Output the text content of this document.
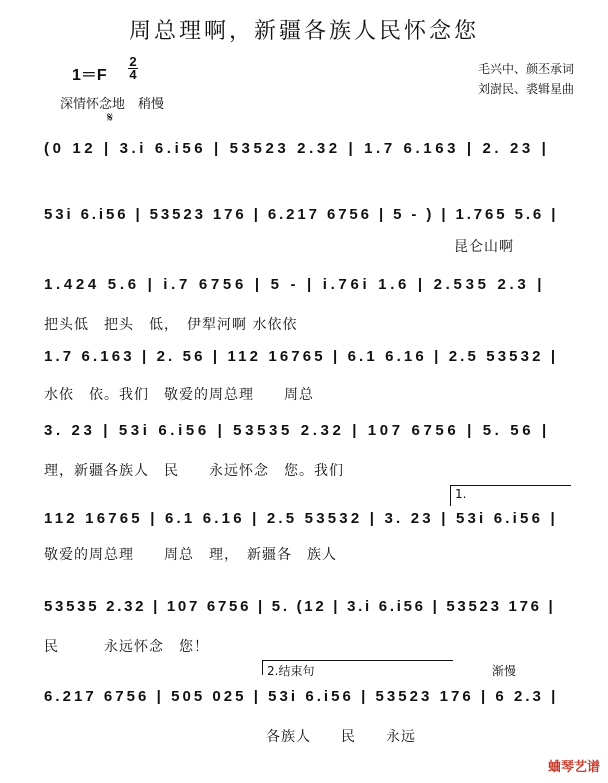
周总理啊，新疆各族人民怀念您
毛兴中、颜丕承词
刘澍民、裘辑星曲
1＝F
2
4
深情怀念地　稍慢
𝄋
(0 12 | 3.i 6.i56 | 53523 2.32 | 1.7 6.163 | 2. 23 |
53i 6.i56 | 53523 176 | 6.217 6756 | 5 - ) | 1.765 5.6 |
昆仑山啊
1.424 5.6 | i.7 6756 | 5 - | i.76i 1.6 | 2.535 2.3 |
把头低　把头　低，　伊犁河啊 水依依
1.7 6.163 | 2. 56 | 112 16765 | 6.1 6.16 | 2.5 53532 |
水依　依。我们　敬爱的周总理　　周总
3. 23 | 53i 6.i56 | 53535 2.32 | 107 6756 | 5. 56 |
理，新疆各族人　民　　永远怀念　您。我们
1.
112 16765 | 6.1 6.16 | 2.5 53532 | 3. 23 | 53i 6.i56 |
敬爱的周总理　　周总　理，　新疆各　族人
53535 2.32 | 107 6756 | 5. (12 | 3.i 6.i56 | 53523 176 |
民　　　永远怀念　您！
2.结束句	渐慢
6.217 6756 | 505 025 | 53i 6.i56 | 53523 176 | 6 2.3 |
各族人　　民　　永远
蛐琴艺谱
